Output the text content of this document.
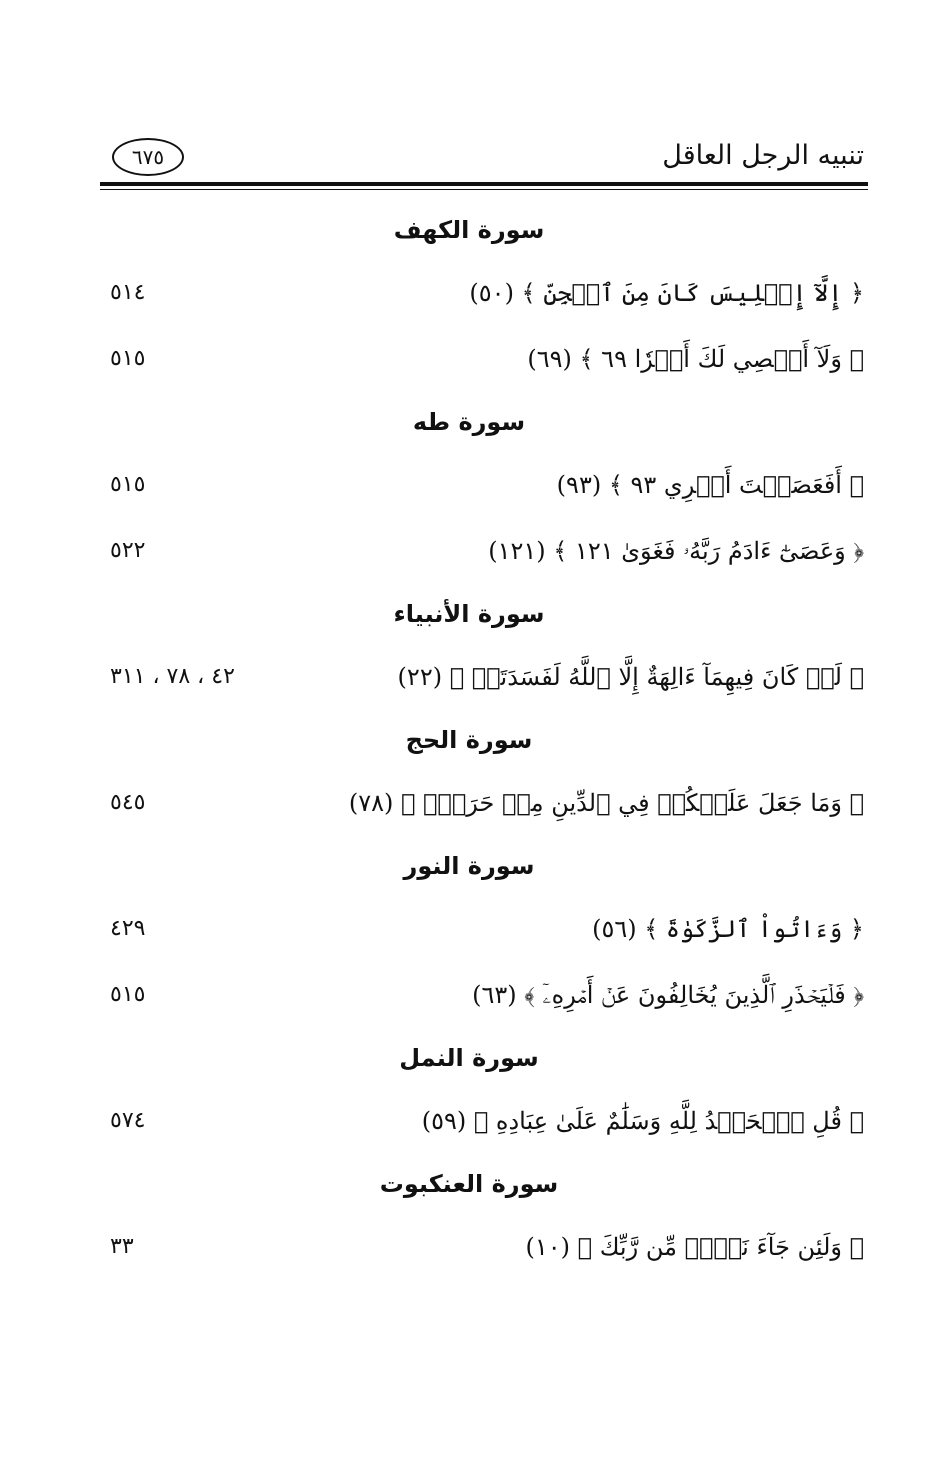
تنبيه الرجل العاقل
٦٧٥
سورة الكهف
﴿ إِلَّآ إِبۡلِيسَ كَانَ مِنَ ٱلۡجِنِّ ﴾ (٥٠)
٥١٤
﴿ وَلَآ أَعۡصِي لَكَ أَمۡرٗا ٦٩ ﴾ (٦٩)
٥١٥
سورة طه
﴿ أَفَعَصَيۡتَ أَمۡرِي ٩٣ ﴾ (٩٣)
٥١٥
﴿ وَعَصَىٰٓ ءَادَمُ رَبَّهُۥ فَغَوَىٰ ١٢١ ﴾ (١٢١)
٥٢٢
سورة الأنبياء
﴿ لَوۡ كَانَ فِيهِمَآ ءَالِهَةٌ إِلَّا ٱللَّهُ لَفَسَدَتَاۚ ﴾ (٢٢)
٤٢ ، ٧٨ ، ٣١١
سورة الحج
﴿ وَمَا جَعَلَ عَلَيۡكُمۡ فِي ٱلدِّينِ مِنۡ حَرَجٖۚ ﴾ (٧٨)
٥٤٥
سورة النور
﴿ وَءَاتُواْ ٱلزَّكَوٰةَ ﴾ (٥٦)
٤٢٩
﴿ فَلۡيَحۡذَرِ ٱلَّذِينَ يُخَالِفُونَ عَنۡ أَمۡرِهِۦٓ ﴾ (٦٣)
٥١٥
سورة النمل
﴿ قُلِ ٱلۡحَمۡدُ لِلَّهِ وَسَلَٰمٌ عَلَىٰ عِبَادِهِ ﴾ (٥٩)
٥٧٤
سورة العنكبوت
﴿ وَلَئِن جَآءَ نَصۡرٞ مِّن رَّبِّكَ ﴾ (١٠)
٣٣
